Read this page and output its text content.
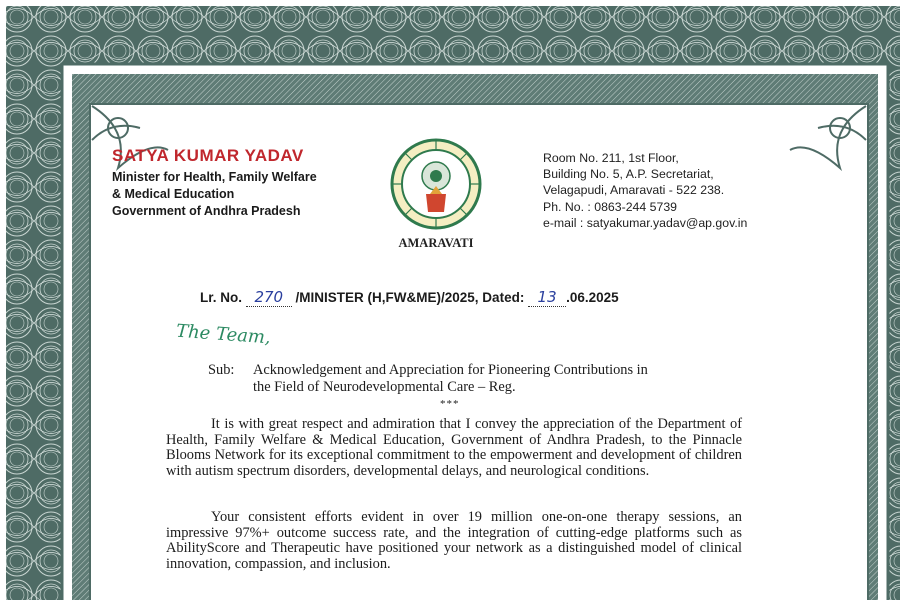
SATYA KUMAR YADAV
Minister for Health, Family Welfare
& Medical Education
Government of Andhra Pradesh
AMARAVATI
Room No. 211, 1st Floor,
Building No. 5, A.P. Secretariat,
Velagapudi, Amaravati - 522 238.
Ph. No. : 0863-244 5739
e-mail : satyakumar.yadav@ap.gov.in
Lr. No. 270 /MINISTER (H,FW&ME)/2025, Dated: 13 .06.2025
The Team,
Sub: Acknowledgement and Appreciation for Pioneering Contributions in
the Field of Neurodevelopmental Care – Reg.
***
It is with great respect and admiration that I convey the appreciation of the Department of Health, Family Welfare & Medical Education, Government of Andhra Pradesh, to the Pinnacle Blooms Network for its exceptional commitment to the empowerment and development of children with autism spectrum disorders, developmental delays, and neurological conditions.
Your consistent efforts evident in over 19 million one-on-one therapy sessions, an impressive 97%+ outcome success rate, and the integration of cutting-edge platforms such as AbilityScore and Therapeutic have positioned your network as a distinguished model of clinical innovation, compassion, and inclusion.
